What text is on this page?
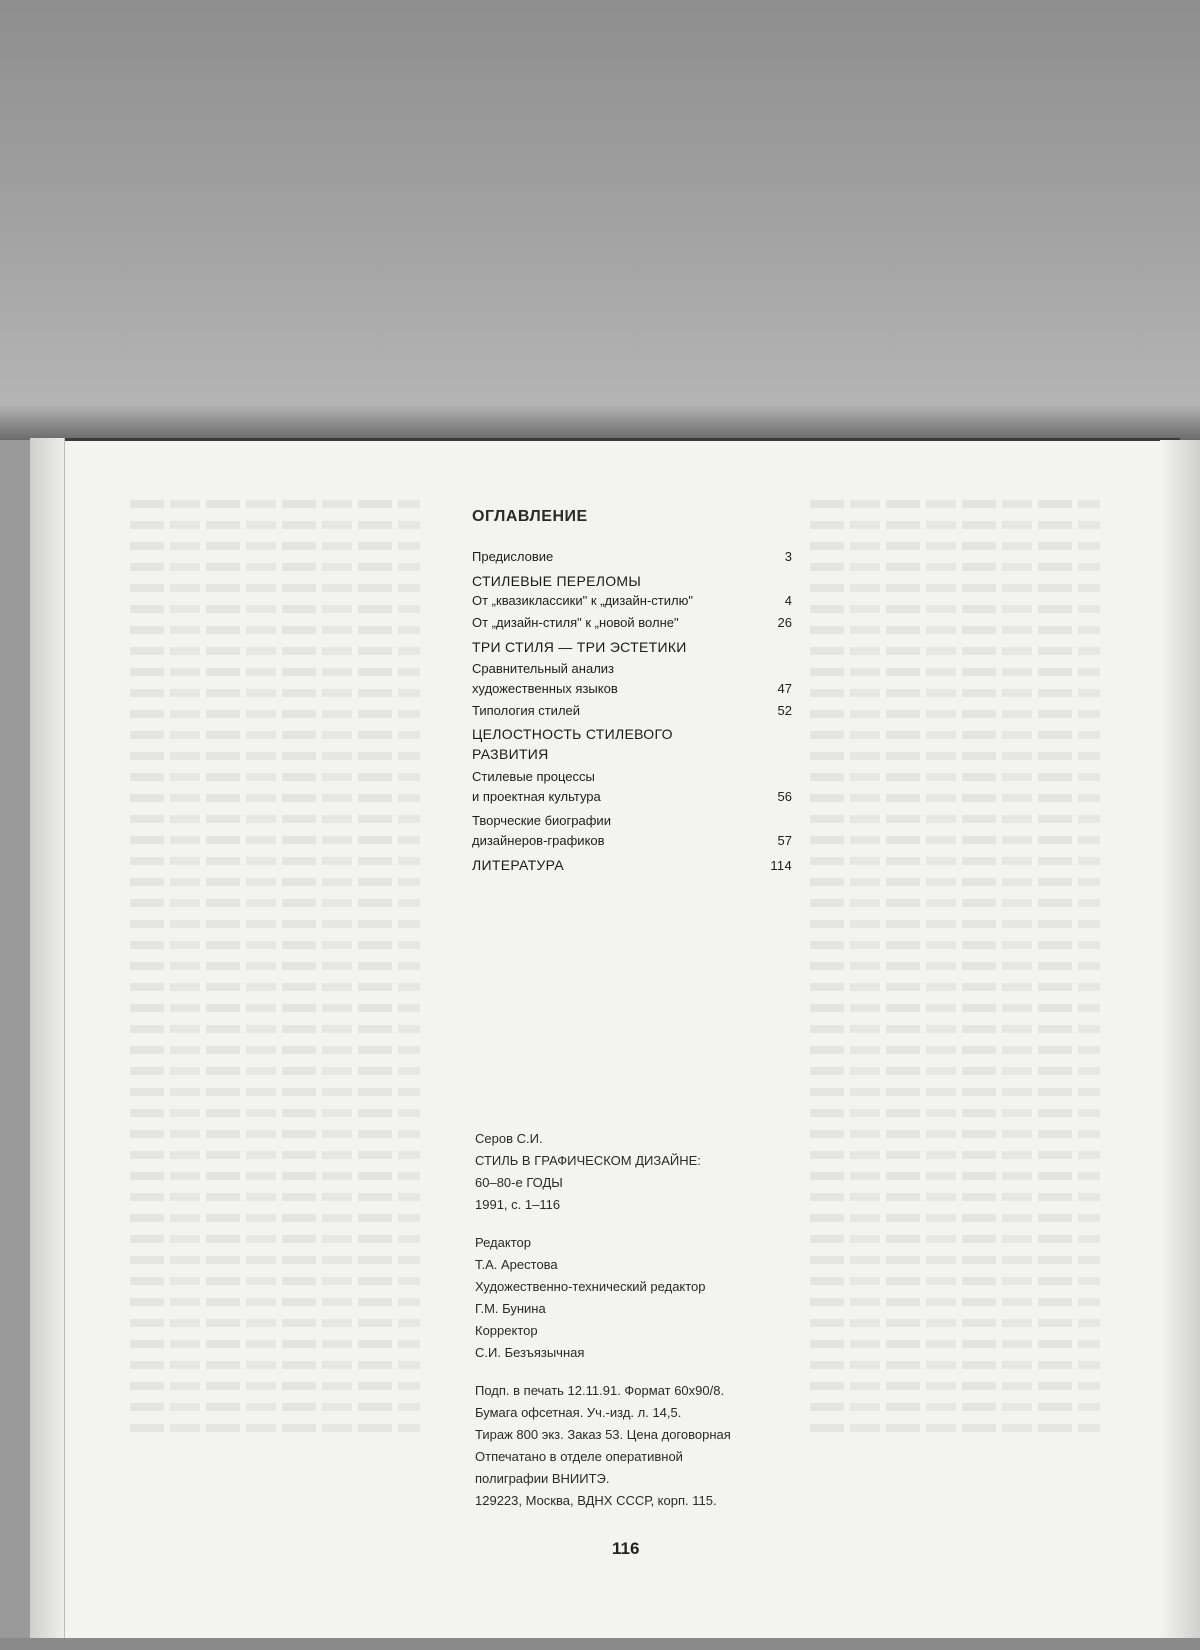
ОГЛАВЛЕНИЕ
Предисловие	3
СТИЛЕВЫЕ ПЕРЕЛОМЫ
От „квазиклассики" к „дизайн-стилю"	4
От „дизайн-стиля" к „новой волне"	26
ТРИ СТИЛЯ — ТРИ ЭСТЕТИКИ
Сравнительный анализ
художественных языков	47
Типология стилей	52
ЦЕЛОСТНОСТЬ СТИЛЕВОГО РАЗВИТИЯ
Стилевые процессы
и проектная культура	56
Творческие биографии
дизайнеров-графиков	57
ЛИТЕРАТУРА	114
Серов С.И.
СТИЛЬ В ГРАФИЧЕСКОМ ДИЗАЙНЕ:
60–80-е ГОДЫ
1991, с. 1–116
Редактор
Т.А. Арестова
Художественно-технический редактор
Г.М. Бунина
Корректор
С.И. Безъязычная
Подп. в печать 12.11.91. Формат 60х90/8.
Бумага офсетная. Уч.-изд. л. 14,5.
Тираж 800 экз. Заказ 53. Цена договорная
Отпечатано в отделе оперативной
полиграфии ВНИИТЭ.
129223, Москва, ВДНХ СССР, корп. 115.
116
